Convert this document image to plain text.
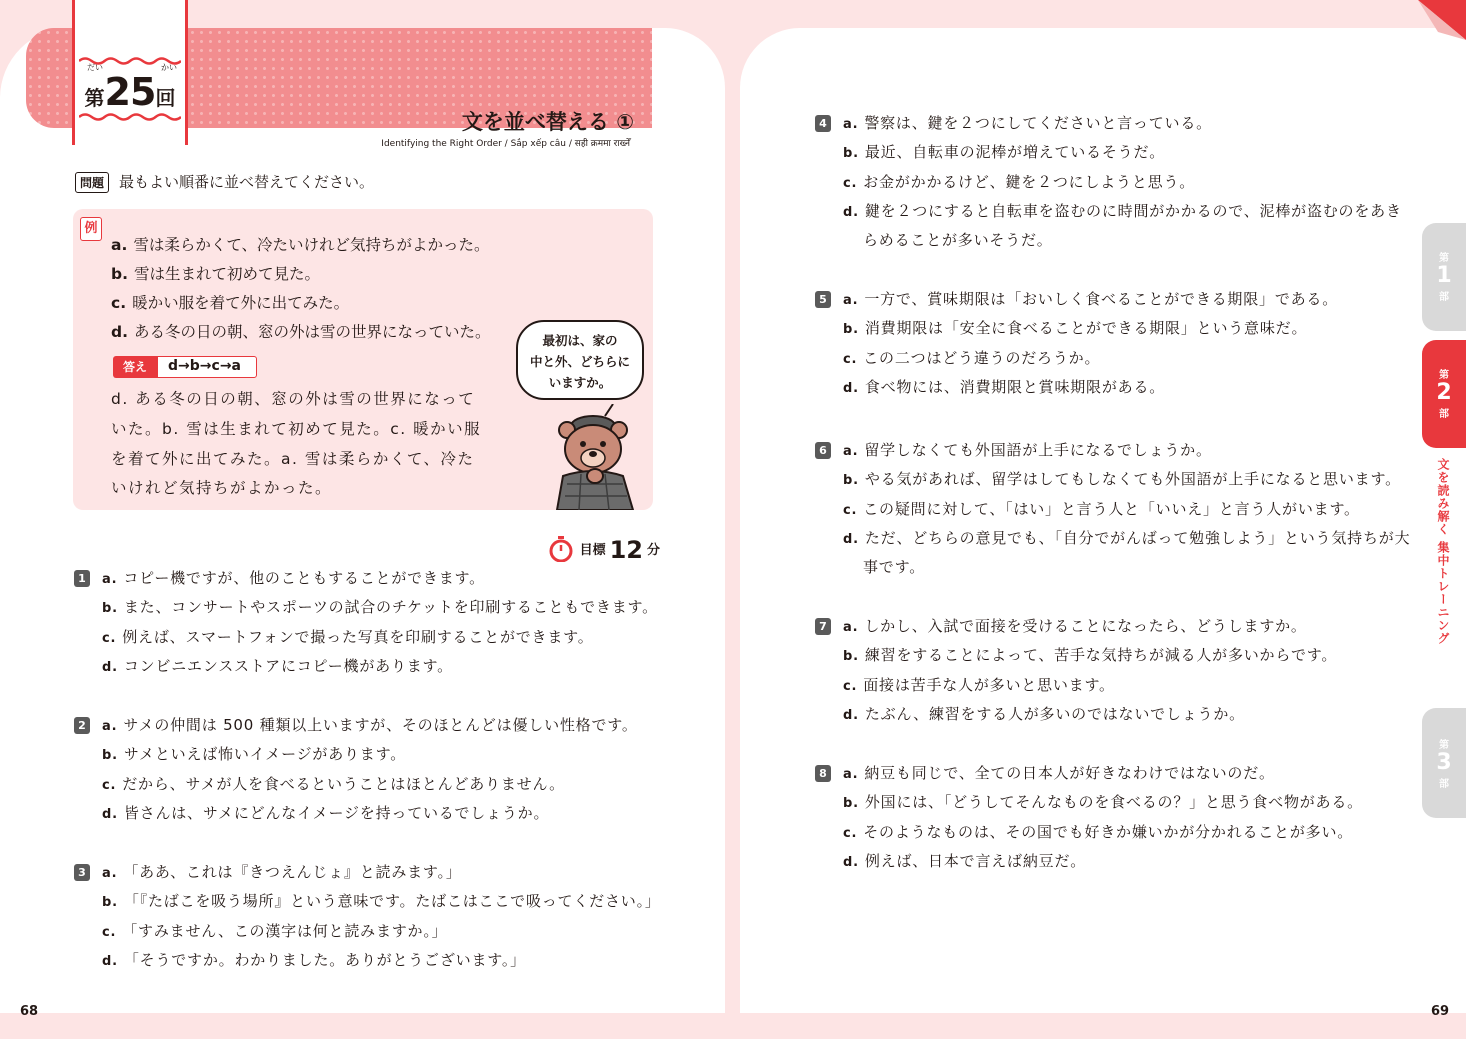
文を並べ替える ①
Identifying the Right Order / Sắp xếp câu / सही क्रममा राख्नेँ
だい
第25回
かい
問題 最もよい順番に並べ替えてください。
例
a. 雪は柔らかくて、冷たいけれど気持ちがよかった。
b. 雪は生まれて初めて見た。
c. 暖かい服を着て外に出てみた。
d. ある冬の日の朝、窓の外は雪の世界になっていた。
答え	d→b→c→a
d. ある冬の日の朝、窓の外は雪の世界になって
いた。b. 雪は生まれて初めて見た。c. 暖かい服
を着て外に出てみた。a. 雪は柔らかくて、冷た
いけれど気持ちがよかった。
最初は、家の
中と外、どちらに
いますか。
$^{目標}$ 12 $^分$
1	a. コピー機ですが、他のこともすることができます。
b. また、コンサートやスポーツの試合のチケットを印刷することもできます。
c. 例えば、スマートフォンで撮った写真を印刷することができます。
d. コンビニエンスストアにコピー機があります。
2	a. サメの仲間は 500 種類以上いますが、そのほとんどは優しい性格です。
b. サメといえば怖いイメージがあります。
c. だから、サメが人を食べるということはほとんどありません。
d. 皆さんは、サメにどんなイメージを持っているでしょうか。
3	a. 「ああ、これは『きつえんじょ』と読みます。」
b. 「『たばこを吸う場所』という意味です。たばこはここで吸ってください。」
c. 「すみません、この漢字は何と読みますか。」
d. 「そうですか。わかりました。ありがとうございます。」
4	a. 警察は、鍵を２つにしてくださいと言っている。
b. 最近、自転車の泥棒が増えているそうだ。
c. お金がかかるけど、鍵を２つにしようと思う。
d. 鍵を２つにすると自転車を盗むのに時間がかかるので、泥棒が盗むのをあき
らめることが多いそうだ。
5	a. 一方で、賞味期限は「おいしく食べることができる期限」である。
b. 消費期限は「安全に食べることができる期限」という意味だ。
c. この二つはどう違うのだろうか。
d. 食べ物には、消費期限と賞味期限がある。
6	a. 留学しなくても外国語が上手になるでしょうか。
b. やる気があれば、留学はしてもしなくても外国語が上手になると思います。
c. この疑問に対して、「はい」と言う人と「いいえ」と言う人がいます。
d. ただ、どちらの意見でも、「自分でがんばって勉強しよう」という気持ちが大
事です。
7	a. しかし、入試で面接を受けることになったら、どうしますか。
b. 練習をすることによって、苦手な気持ちが減る人が多いからです。
c. 面接は苦手な人が多いと思います。
d. たぶん、練習をする人が多いのではないでしょうか。
8	a. 納豆も同じで、全ての日本人が好きなわけではないのだ。
b. 外国には、「どうしてそんなものを食べるの？」と思う食べ物がある。
c. そのようなものは、その国でも好きか嫌いかが分かれることが多い。
d. 例えば、日本で言えば納豆だ。
第
1
部
第
2
部
文を読み解く 集中トレーニング
第
3
部
68	69
